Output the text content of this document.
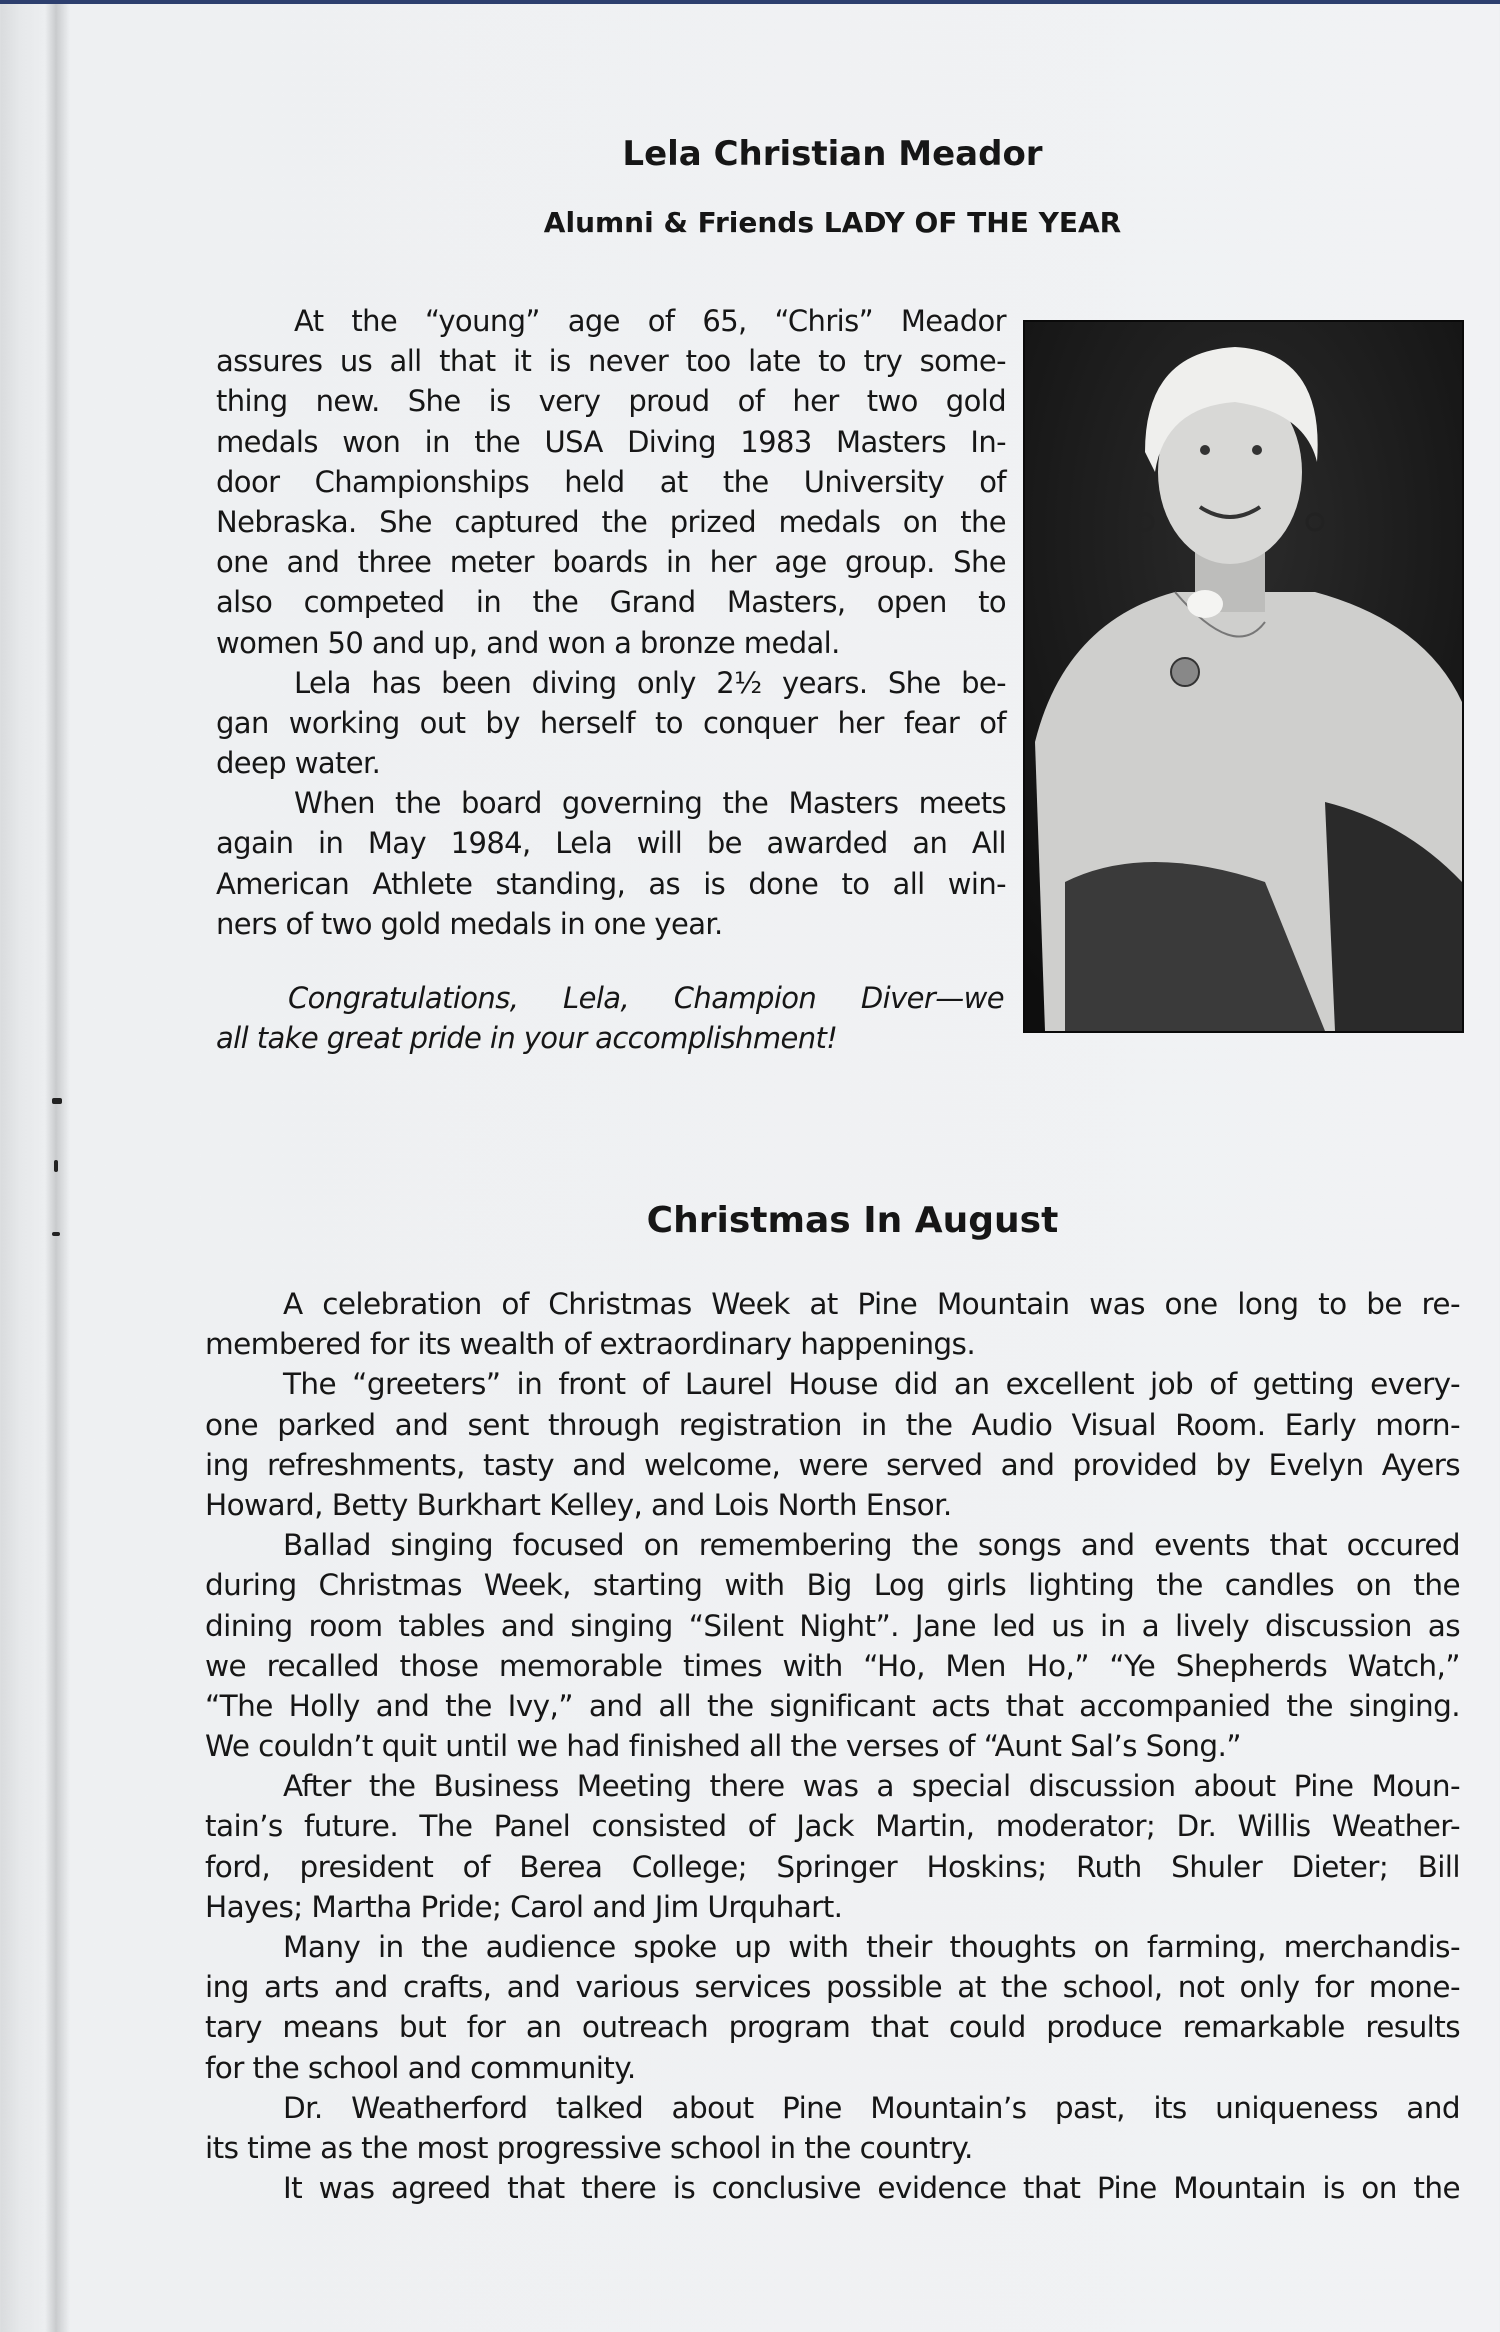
Lela Christian Meador
Alumni & Friends LADY OF THE YEAR
At the “young” age of 65, “Chris” Meador
assures us all that it is never too late to try some-
thing new. She is very proud of her two gold
medals won in the USA Diving 1983 Masters In-
door Championships held at the University of
Nebraska. She captured the prized medals on the
one and three meter boards in her age group. She
also competed in the Grand Masters, open to
women 50 and up, and won a bronze medal.
Lela has been diving only 2½ years. She be-
gan working out by herself to conquer her fear of
deep water.
When the board governing the Masters meets
again in May 1984, Lela will be awarded an All
American Athlete standing, as is done to all win-
ners of two gold medals in one year.
Congratulations, Lela, Champion Diver—we
all take great pride in your accomplishment!
Christmas In August
A celebration of Christmas Week at Pine Mountain was one long to be re-
membered for its wealth of extraordinary happenings.
The “greeters” in front of Laurel House did an excellent job of getting every-
one parked and sent through registration in the Audio Visual Room. Early morn-
ing refreshments, tasty and welcome, were served and provided by Evelyn Ayers
Howard, Betty Burkhart Kelley, and Lois North Ensor.
Ballad singing focused on remembering the songs and events that occured
during Christmas Week, starting with Big Log girls lighting the candles on the
dining room tables and singing “Silent Night”. Jane led us in a lively discussion as
we recalled those memorable times with “Ho, Men Ho,” “Ye Shepherds Watch,”
“The Holly and the Ivy,” and all the significant acts that accompanied the singing.
We couldn’t quit until we had finished all the verses of “Aunt Sal’s Song.”
After the Business Meeting there was a special discussion about Pine Moun-
tain’s future. The Panel consisted of Jack Martin, moderator; Dr. Willis Weather-
ford, president of Berea College; Springer Hoskins; Ruth Shuler Dieter; Bill
Hayes; Martha Pride; Carol and Jim Urquhart.
Many in the audience spoke up with their thoughts on farming, merchandis-
ing arts and crafts, and various services possible at the school, not only for mone-
tary means but for an outreach program that could produce remarkable results
for the school and community.
Dr. Weatherford talked about Pine Mountain’s past, its uniqueness and
its time as the most progressive school in the country.
It was agreed that there is conclusive evidence that Pine Mountain is on the
